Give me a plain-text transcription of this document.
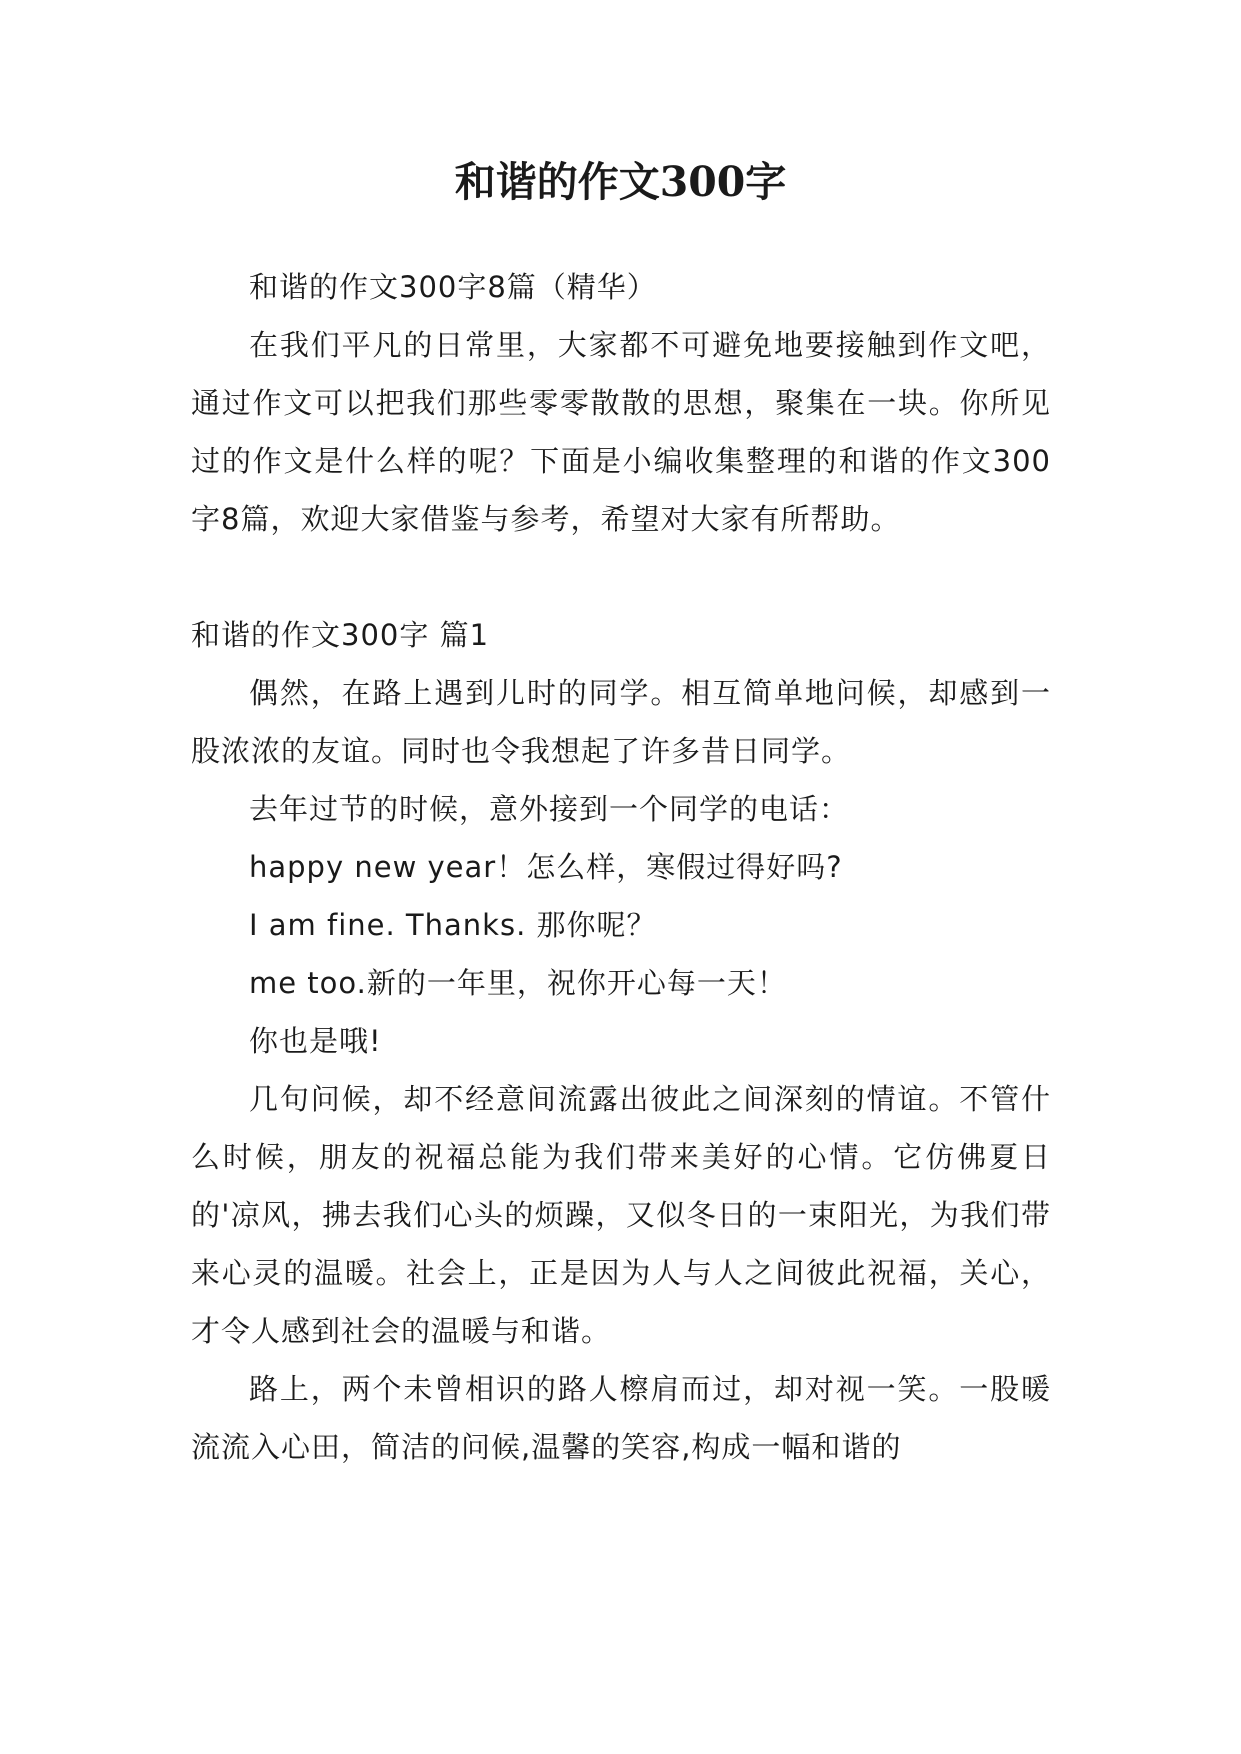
和谐的作文300字

和谐的作文300字8篇（精华）

在我们平凡的日常里，大家都不可避免地要接触到作文吧，通过作文可以把我们那些零零散散的思想，聚集在一块。你所见过的作文是什么样的呢？下面是小编收集整理的和谐的作文300字8篇，欢迎大家借鉴与参考，希望对大家有所帮助。

和谐的作文300字 篇1

偶然，在路上遇到儿时的同学。相互简单地问候，却感到一股浓浓的友谊。同时也令我想起了许多昔日同学。

去年过节的时候，意外接到一个同学的电话：

happy new year！怎么样，寒假过得好吗?

I am fine. Thanks. 那你呢？

me too.新的一年里，祝你开心每一天！

你也是哦!

几句问候，却不经意间流露出彼此之间深刻的情谊。不管什么时候，朋友的祝福总能为我们带来美好的心情。它仿佛夏日的'凉风，拂去我们心头的烦躁，又似冬日的一束阳光，为我们带来心灵的温暖。社会上，正是因为人与人之间彼此祝福，关心，才令人感到社会的温暖与和谐。

路上，两个未曾相识的路人檫肩而过，却对视一笑。一股暖流流入心田，简洁的问候,温馨的笑容,构成一幅和谐的
